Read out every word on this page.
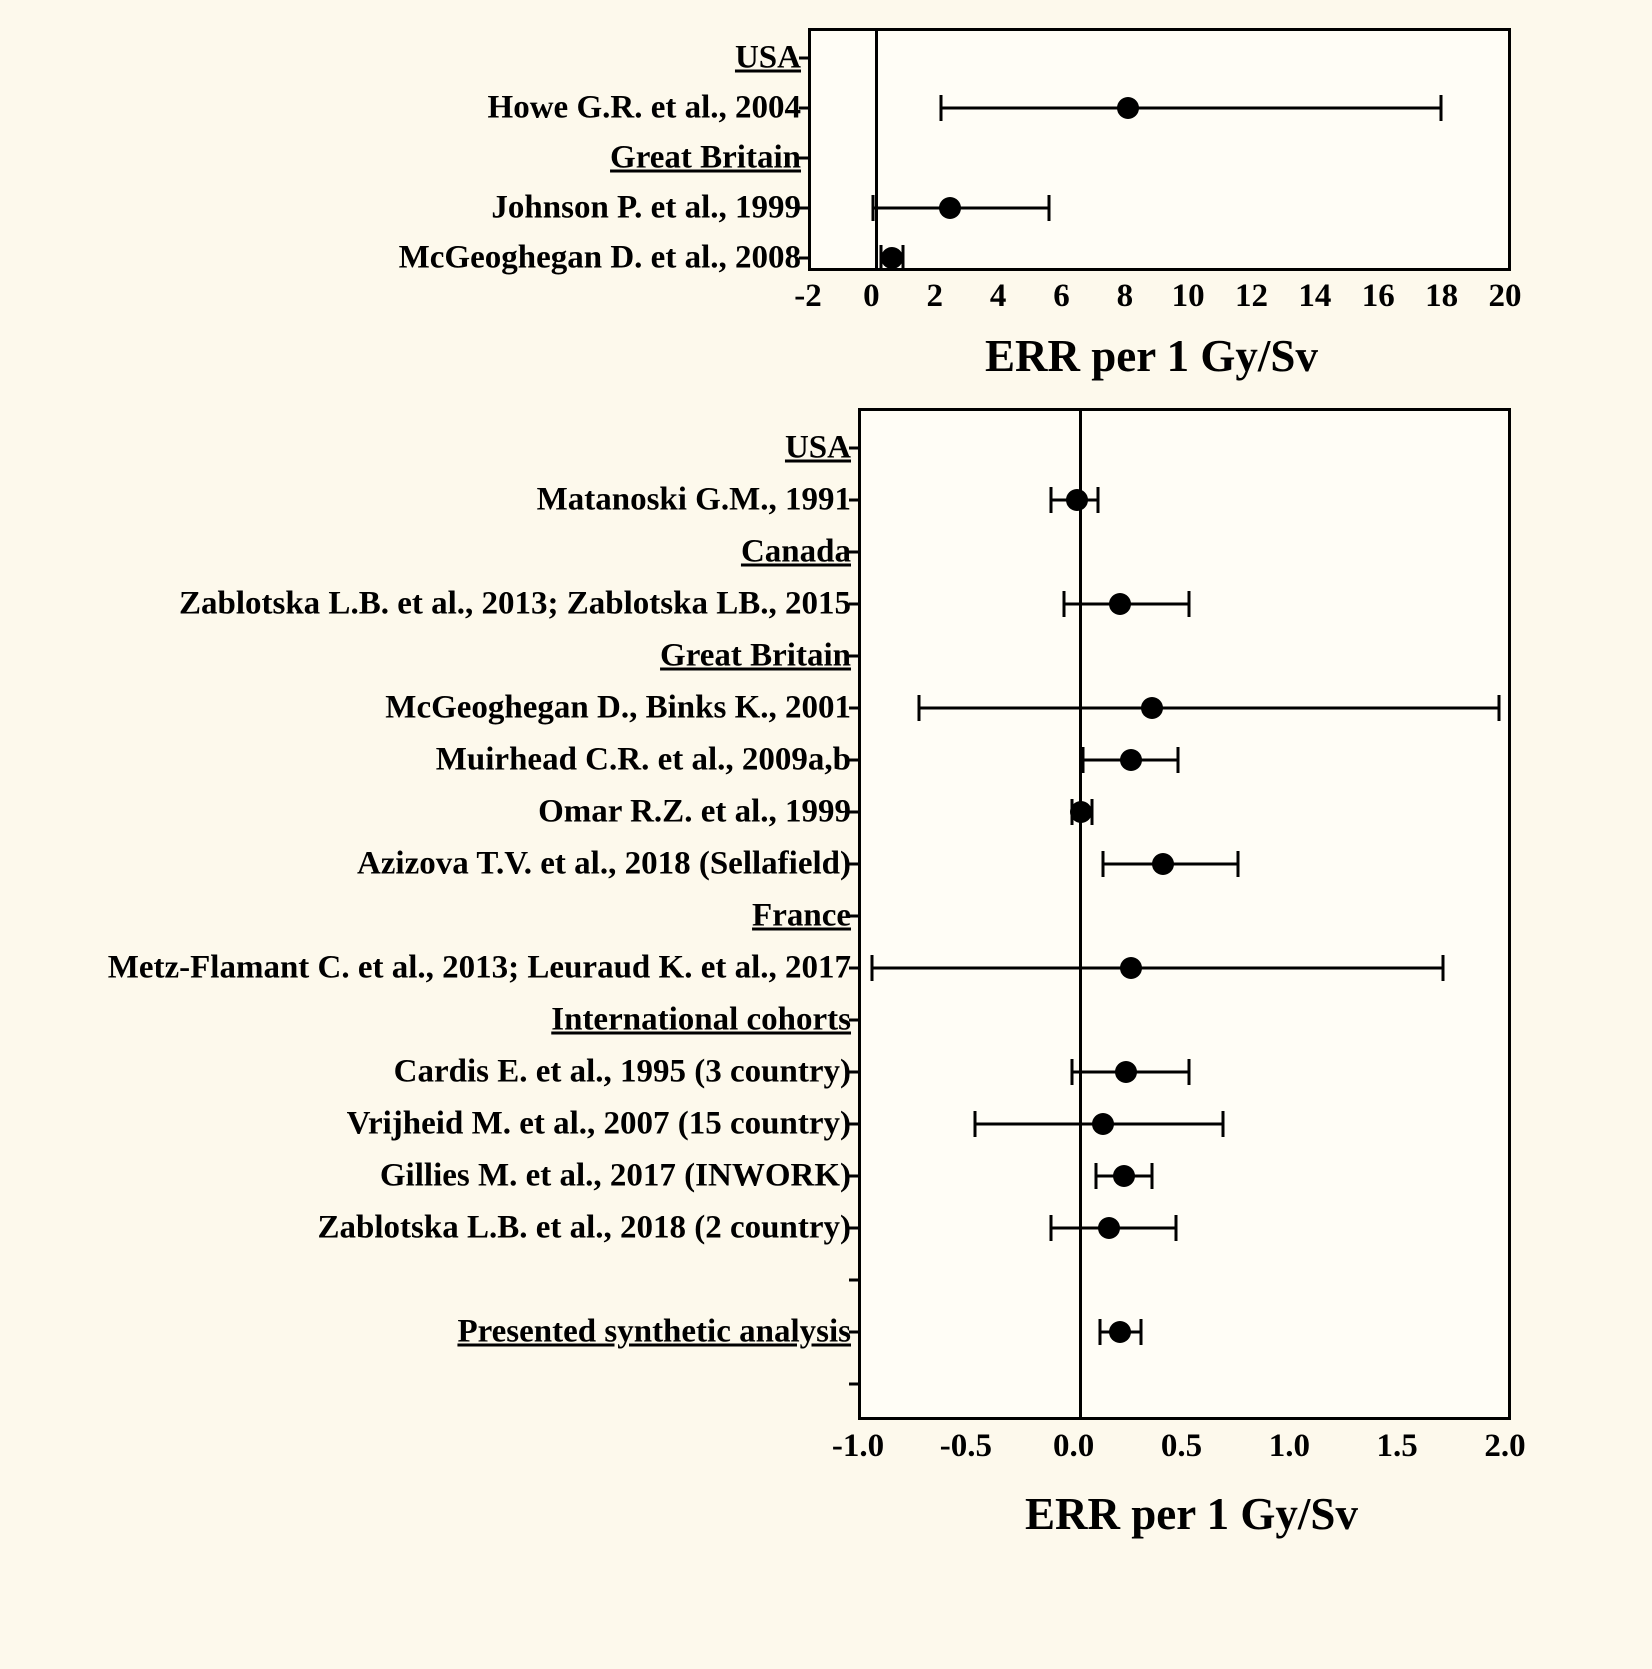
USA
Howe G.R. et al., 2004
Great Britain
Johnson P. et al., 1999
McGeoghegan D. et al., 2008
-2 0 2 4 6 8 10 12 14 16 18 20
ERR per 1 Gy/Sv
USA
Matanoski G.M., 1991
Canada
Zablotska L.B. et al., 2013; Zablotska LB., 2015
Great Britain
McGeoghegan D., Binks K., 2001
Muirhead C.R. et al., 2009a,b
Omar R.Z. et al., 1999
Azizova T.V. et al., 2018 (Sellafield)
France
Metz-Flamant C. et al., 2013; Leuraud K. et al., 2017
International cohorts
Cardis E. et al., 1995 (3 country)
Vrijheid M. et al., 2007 (15 country)
Gillies M. et al., 2017 (INWORK)
Zablotska L.B. et al., 2018 (2 country)
Presented synthetic analysis
-1.0 -0.5 0.0 0.5 1.0 1.5 2.0
ERR per 1 Gy/Sv
